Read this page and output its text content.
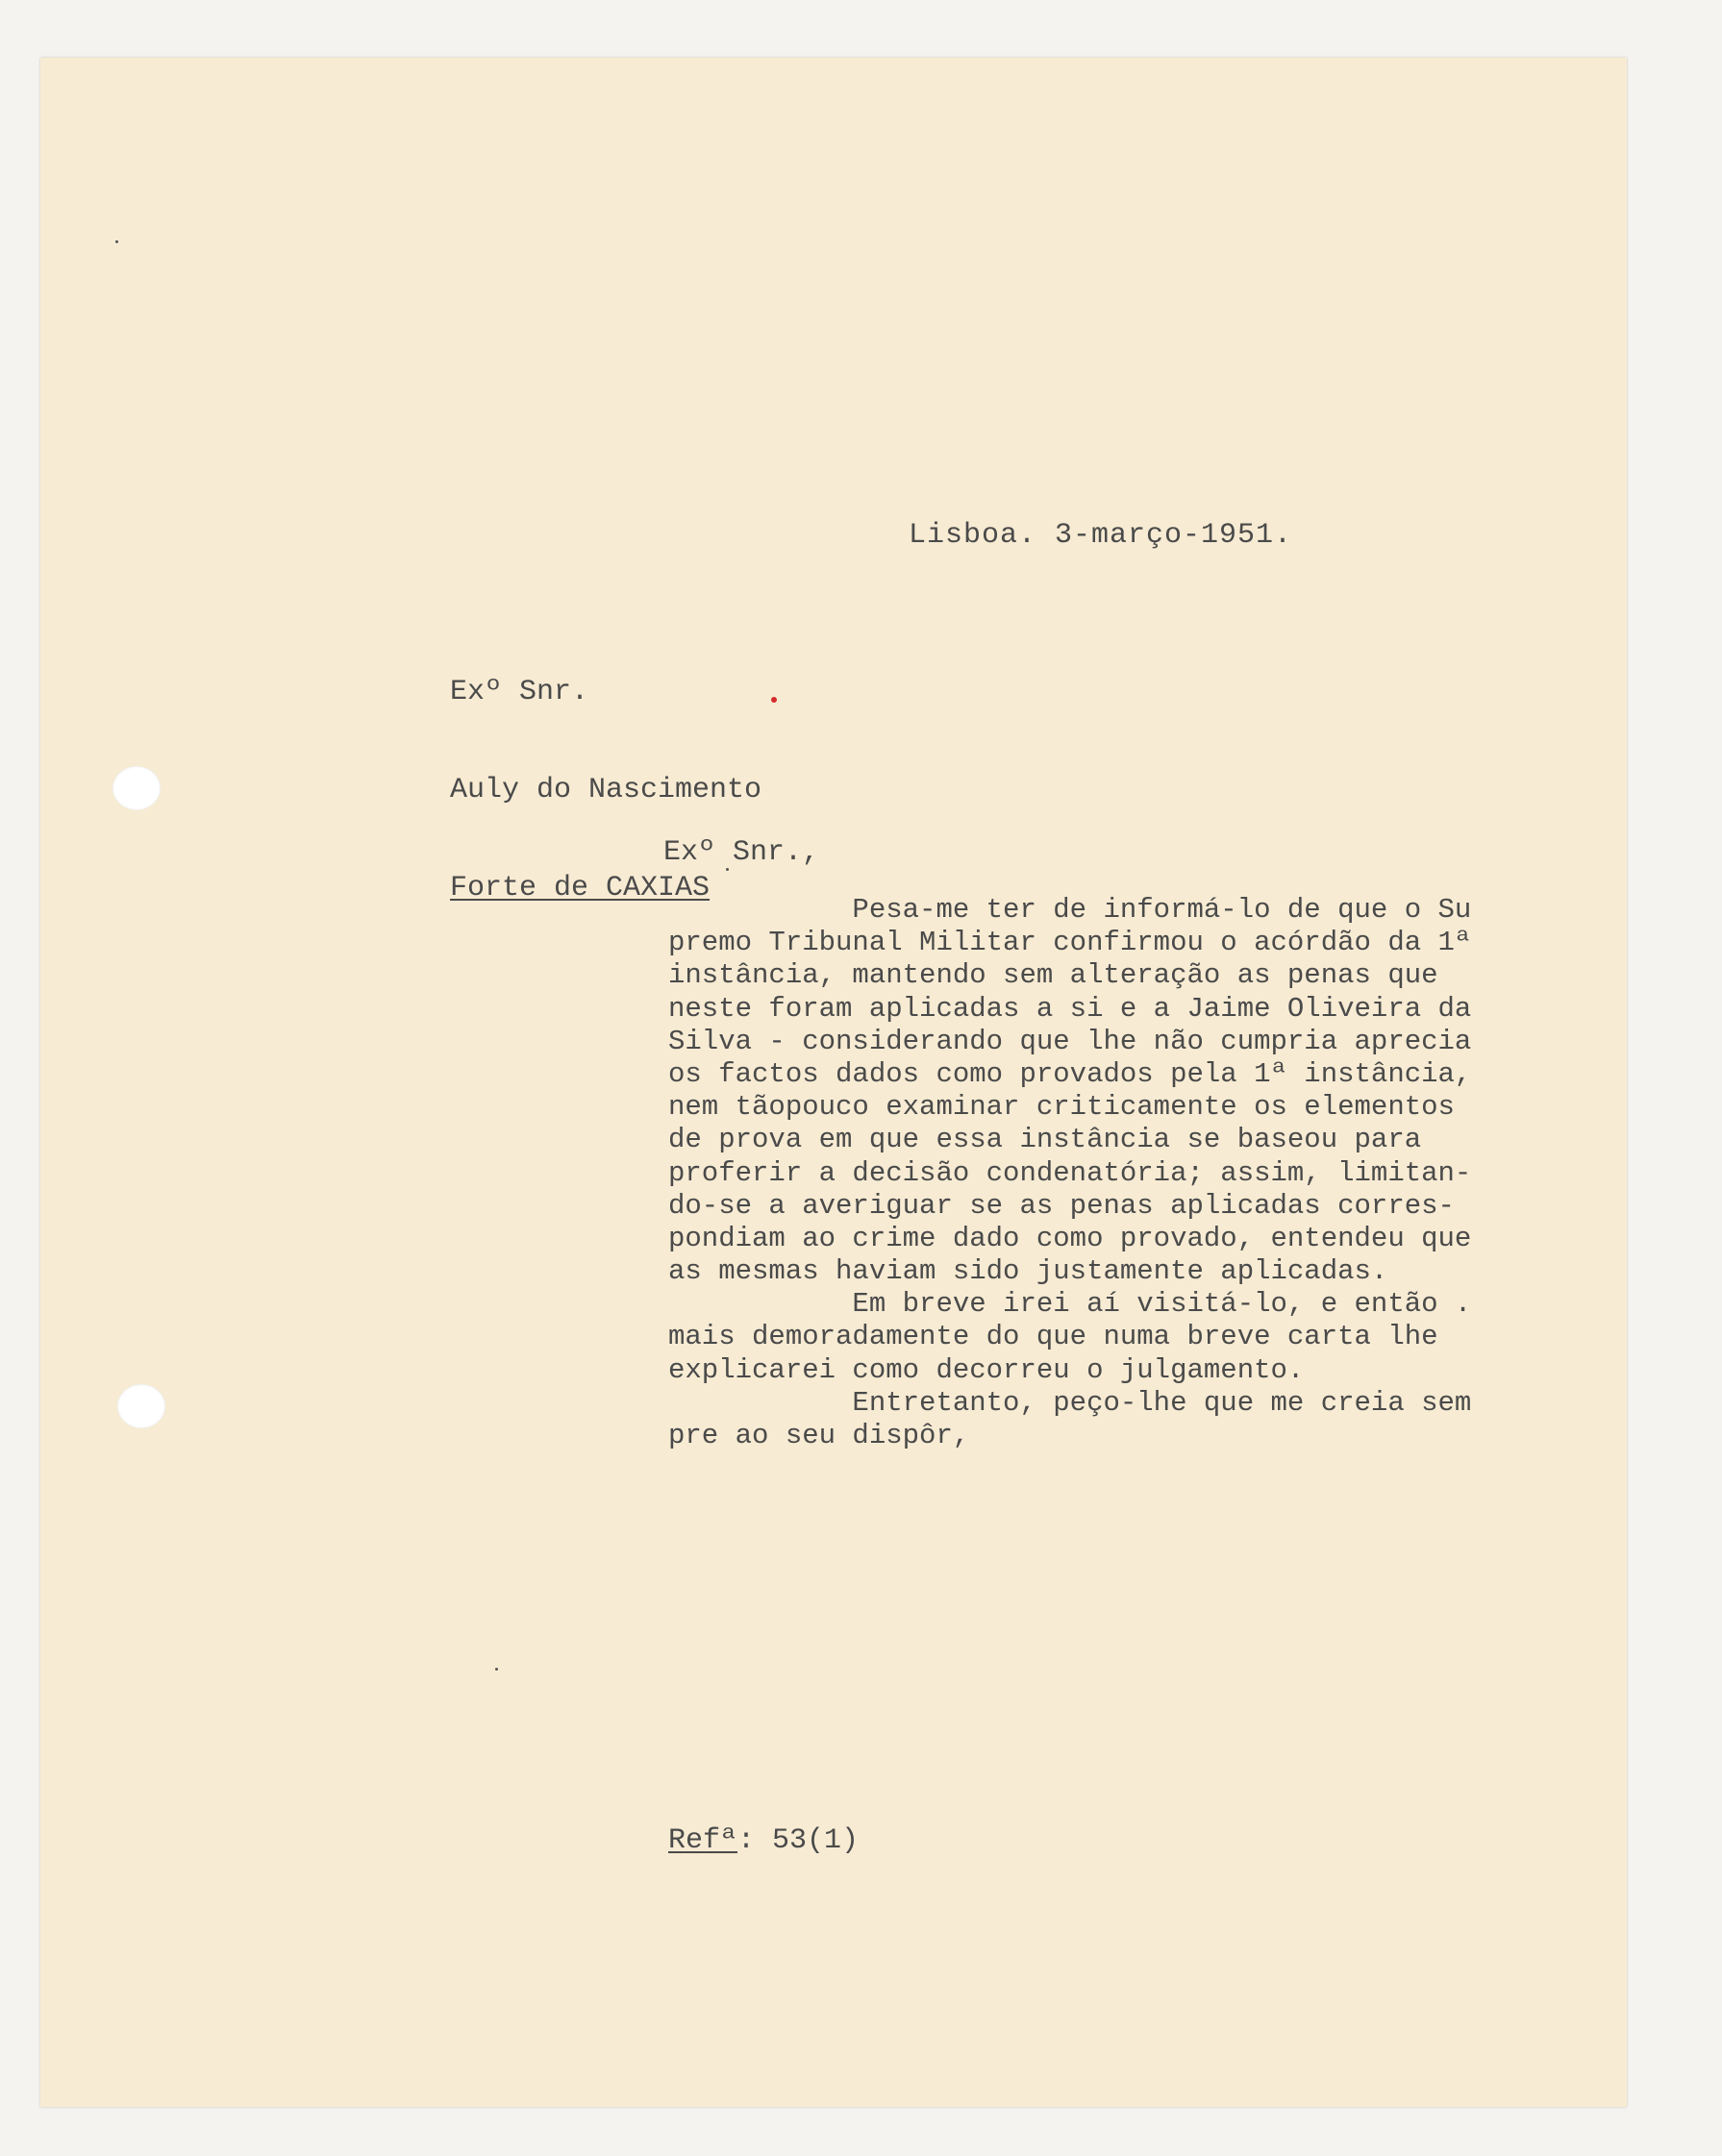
Lisboa. 3-março-1951.

Exº Snr.

Auly do Nascimento

Forte de CAXIAS

Exº Snr.,
Pesa-me ter de informá-lo de que o Su
premo Tribunal Militar confirmou o acórdão da 1ª
instância, mantendo sem alteração as penas que
neste foram aplicadas a si e a Jaime Oliveira da
Silva - considerando que lhe não cumpria aprecia
os factos dados como provados pela 1ª instância,
nem tãopouco examinar criticamente os elementos
de prova em que essa instância se baseou para
proferir a decisão condenatória; assim, limitan-
do-se a averiguar se as penas aplicadas corres-
pondiam ao crime dado como provado, entendeu que
as mesmas haviam sido justamente aplicadas.
Em breve irei aí visitá-lo, e então .
mais demoradamente do que numa breve carta lhe
explicarei como decorreu o julgamento.
Entretanto, peço-lhe que me creia sem
pre ao seu dispôr,
Refª: 53(1)
